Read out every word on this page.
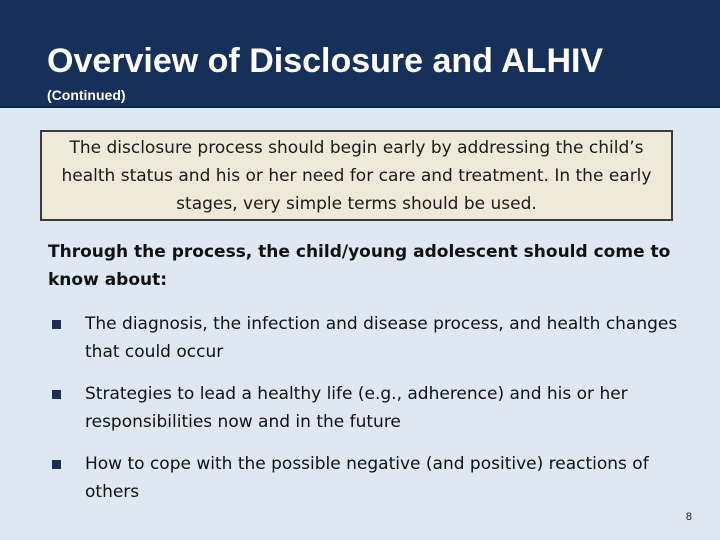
Overview of Disclosure and ALHIV
(Continued)

The disclosure process should begin early by addressing the child’s health status and his or her need for care and treatment. In the early stages, very simple terms should be used.

Through the process, the child/young adolescent should come to know about:

The diagnosis, the infection and disease process, and health changes that could occur

Strategies to lead a healthy life (e.g., adherence) and his or her responsibilities now and in the future

How to cope with the possible negative (and positive) reactions of others

8
